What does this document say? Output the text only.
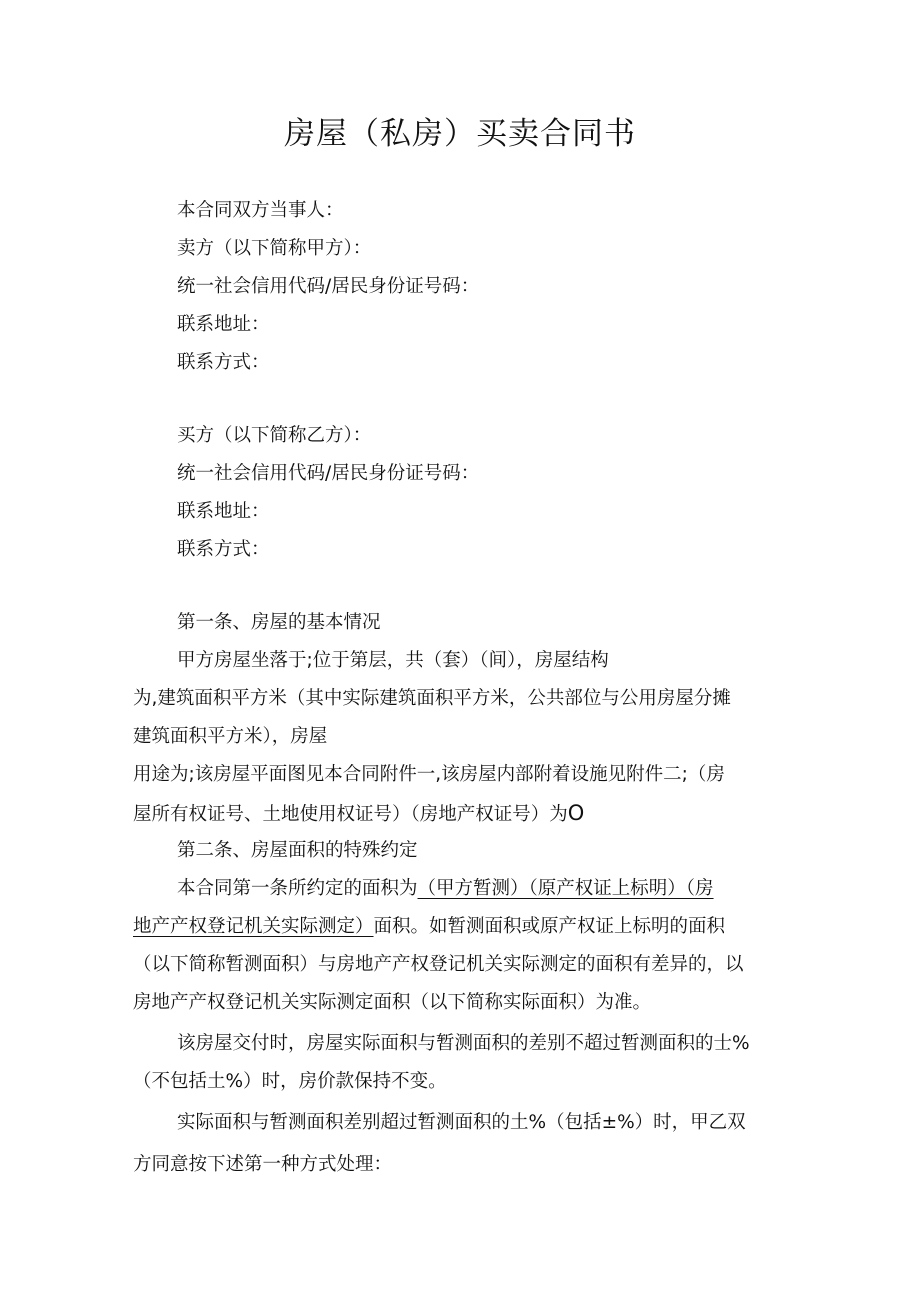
房屋（私房）买卖合同书
本合同双方当事人：
卖方（以下简称甲方）：
统一社会信用代码/居民身份证号码：
联系地址：
联系方式：
买方（以下简称乙方）：
统一社会信用代码/居民身份证号码：
联系地址：
联系方式：
第一条、房屋的基本情况
甲方房屋坐落于;位于第层，共（套）（间），房屋结构
为,建筑面积平方米（其中实际建筑面积平方米，公共部位与公用房屋分摊
建筑面积平方米），房屋
用途为;该房屋平面图见本合同附件一,该房屋内部附着设施见附件二;（房
屋所有权证号、土地使用权证号）（房地产权证号）为O
第二条、房屋面积的特殊约定
本合同第一条所约定的面积为（甲方暂测）（原产权证上标明）（房
地产产权登记机关实际测定）面积。如暂测面积或原产权证上标明的面积
（以下简称暂测面积）与房地产产权登记机关实际测定的面积有差异的，以
房地产产权登记机关实际测定面积（以下简称实际面积）为准。
该房屋交付时，房屋实际面积与暂测面积的差别不超过暂测面积的士%
（不包括土%）时，房价款保持不变。
实际面积与暂测面积差别超过暂测面积的土%（包括±%）时，甲乙双
方同意按下述第一种方式处理：
